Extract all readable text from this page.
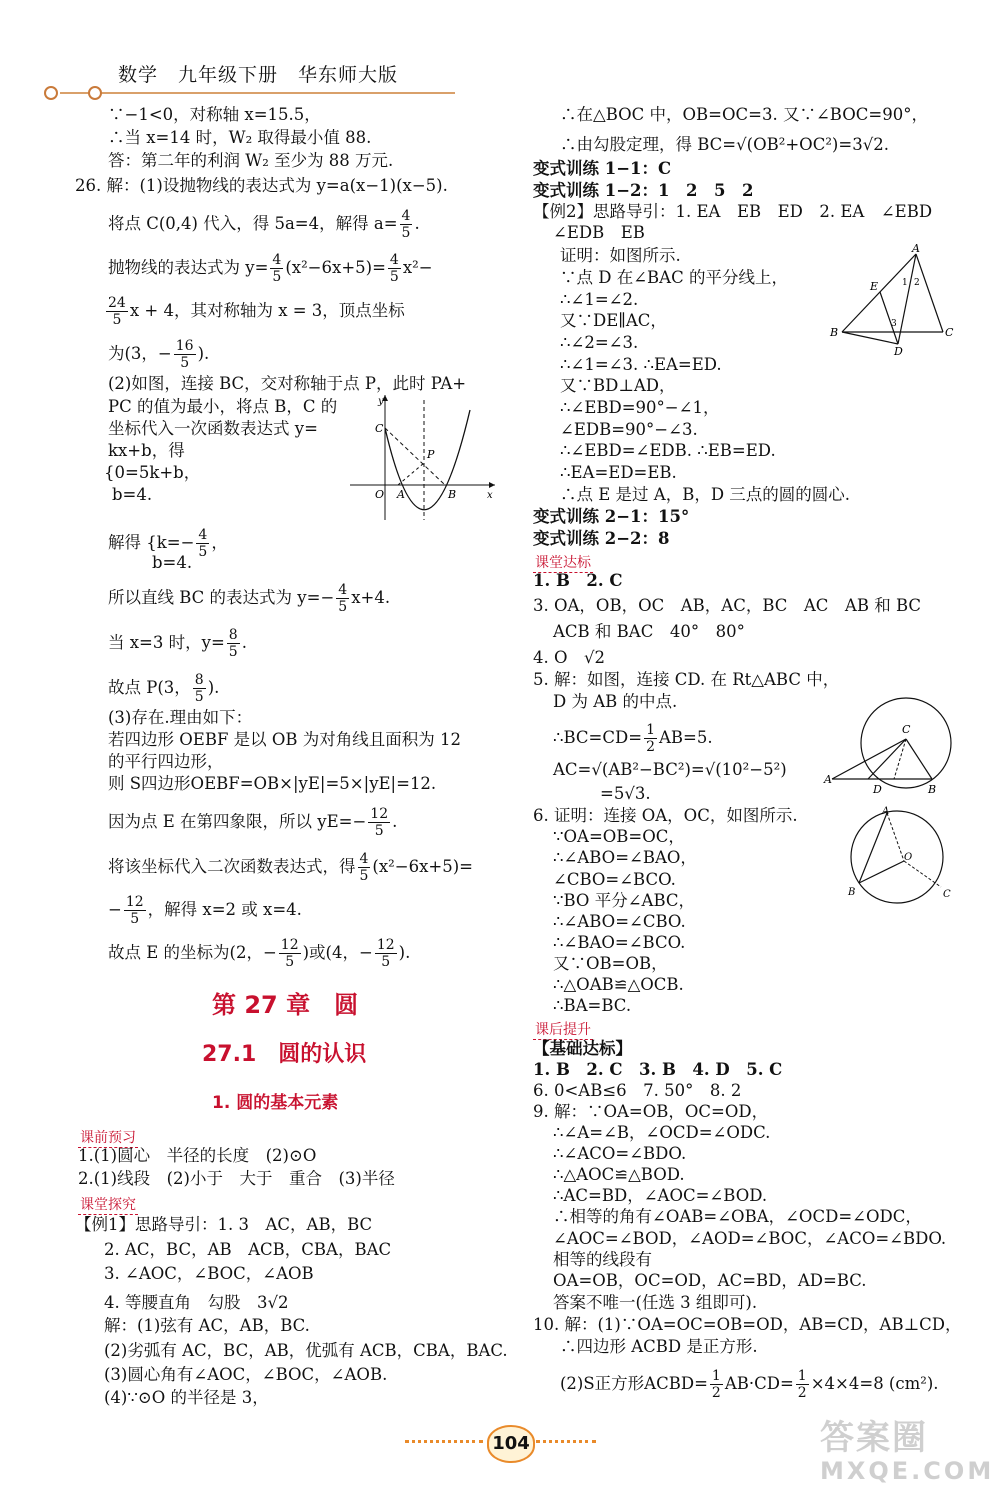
数学　九年级下册　华东师大版
∵−1<0，对称轴 x=15.5，
∴当 x=14 时，W₂ 取得最小值 88.
答：第二年的利润 W₂ 至少为 88 万元.
26. 解：(1)设抛物线的表达式为 y=a(x−1)(x−5).
将点 C(0,4) 代入，得 5a=4，解得 $a= \frac{4}{5}$ .
抛物线的表达式为 $y= \frac{4}{5} (x^2-6x+5)= \frac{4}{5} x^2-$
$\frac{24}{5}$ x + 4，其对称轴为 x = 3，顶点坐标
为(3，− $\frac{16}{5}$ ).
(2)如图，连接 BC，交对称轴于点 P，此时 PA+
PC 的值为最小，将点 B，C 的
坐标代入一次函数表达式 y=
kx+b，得
{0=5k+b，
b=4.
解得 {$k=- \frac{4}{5}$ ，
b=4.
所以直线 BC 的表达式为 $y=- \frac{4}{5} x+4$.
当 x=3 时，$y= \frac{8}{5}$ .
故点 P(3， $\frac{8}{5}$ ).
(3)存在.理由如下：
若四边形 OEBF 是以 OB 为对角线且面积为 12
的平行四边形，
则 S四边形OEBF=OB×|yE|=5×|yE|=12.
因为点 E 在第四象限，所以 $yE=- \frac{12}{5}$ .
将该坐标代入二次函数表达式，得 $\frac{4}{5} (x^2-6x+5)=$
− $\frac{12}{5}$ ，解得 x=2 或 x=4.
故点 E 的坐标为(2，− $\frac{12}{5}$ )或(4，− $\frac{12}{5}$ ).
y
x
C
P
O A	B
第 27 章　圆
27.1　圆的认识
1. 圆的基本元素
课前预习
1.(1)圆心　半径的长度　(2)⊙O
2.(1)线段　(2)小于　大于　重合　(3)半径
课堂探究
【例1】思路导引：1. 3　AC，AB，BC
2. AC，BC，AB　ACB，CBA，BAC
3. ∠AOC，∠BOC，∠AOB
4. 等腰直角　勾股　3√2
解：(1)弦有 AC，AB，BC.
(2)劣弧有 AC，BC，AB，优弧有 ACB，CBA，BAC.
(3)圆心角有∠AOC，∠BOC，∠AOB.
(4)∵⊙O 的半径是 3，
∴在△BOC 中，OB=OC=3. 又∵∠BOC=90°，
∴由勾股定理，得 BC=√(OB²+OC²)=3√2.
变式训练 1−1：C
变式训练 1−2：1　2　5　2
【例2】思路导引：1. EA　EB　ED　2. EA　∠EBD
∠EDB　EB
证明：如图所示.
∵点 D 在∠BAC 的平分线上，
∴∠1=∠2.
又∵DE∥AC，
∴∠2=∠3.
∴∠1=∠3. ∴EA=ED.
又∵BD⊥AD，
∴∠EBD=90°−∠1，
∠EDB=90°−∠3.
∴∠EBD=∠EDB. ∴EB=ED.
∴EA=ED=EB.
∴点 E 是过 A，B，D 三点的圆的圆心.
变式训练 2−1：15°
变式训练 2−2：8
A
E	1 2
3
B	C
D
课堂达标
1. B　2. C
3. OA，OB，OC　AB，AC，BC　AC　AB 和 BC
ACB 和 BAC　40°　80°
4. O　√2
5. 解：如图，连接 CD. 在 Rt△ABC 中，
D 为 AB 的中点.
∴BC=CD= $\frac{1}{2} AB=5$.
AC=√(AB²−BC²)=√(10²−5²)
=5√3.
C
A
D	B
6. 证明：连接 OA，OC，如图所示.
∵OA=OB=OC，
∴∠ABO=∠BAO，
∠CBO=∠BCO.
∵BO 平分∠ABC，
∴∠ABO=∠CBO.
∴∠BAO=∠BCO.
又∵OB=OB，
∴△OAB≌△OCB.
∴BA=BC.
A
O
B	C
课后提升
【基础达标】
1. B　2. C　3. B　4. D　5. C
6. 0<AB≤6　7. 50°　8. 2
9. 解：∵OA=OB，OC=OD，
∴∠A=∠B，∠OCD=∠ODC.
∴∠ACO=∠BDO.
∴△AOC≌△BOD.
∴AC=BD，∠AOC=∠BOD.
∴相等的角有∠OAB=∠OBA，∠OCD=∠ODC，
∠AOC=∠BOD，∠AOD=∠BOC，∠ACO=∠BDO.
相等的线段有
OA=OB，OC=OD，AC=BD，AD=BC.
答案不唯一(任选 3 组即可).
10. 解：(1)∵OA=OC=OB=OD，AB=CD，AB⊥CD，
∴四边形 ACBD 是正方形.
(2)S正方形ACBD= $\frac{1}{2} AB\cdot CD= \frac{1}{2} \times 4\times 4=8$ (cm²).
104	答案圈
MXQE.COM
